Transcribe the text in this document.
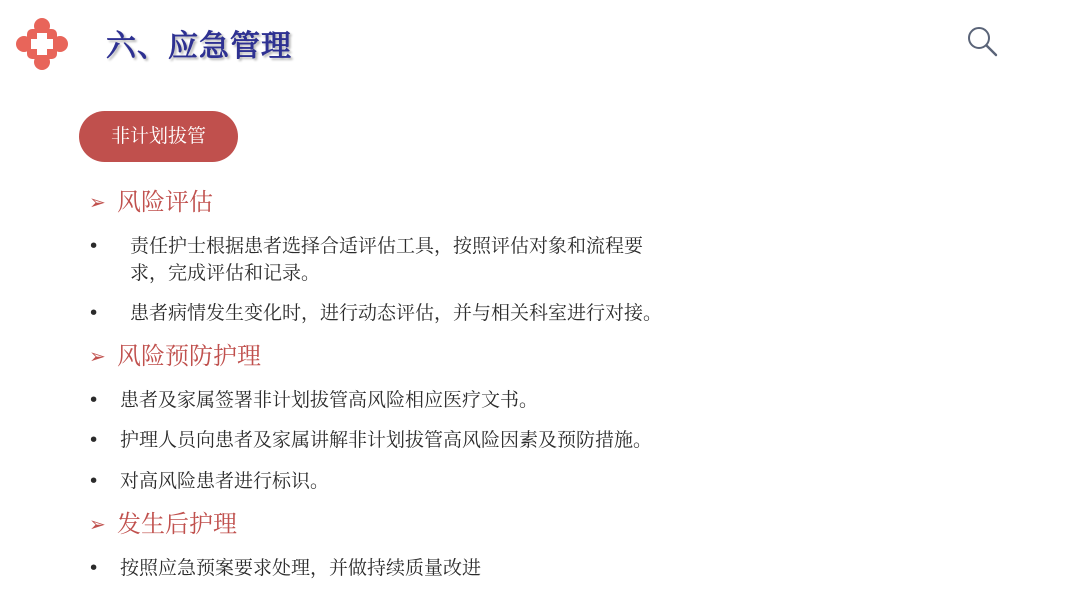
六、应急管理
非计划拔管
➢ 风险评估
• 责任护士根据患者选择合适评估工具，按照评估对象和流程要
求，完成评估和记录。
• 患者病情发生变化时，进行动态评估，并与相关科室进行对接。
➢ 风险预防护理
• 患者及家属签署非计划拔管高风险相应医疗文书。
• 护理人员向患者及家属讲解非计划拔管高风险因素及预防措施。
• 对高风险患者进行标识。
➢ 发生后护理
• 按照应急预案要求处理，并做持续质量改进
